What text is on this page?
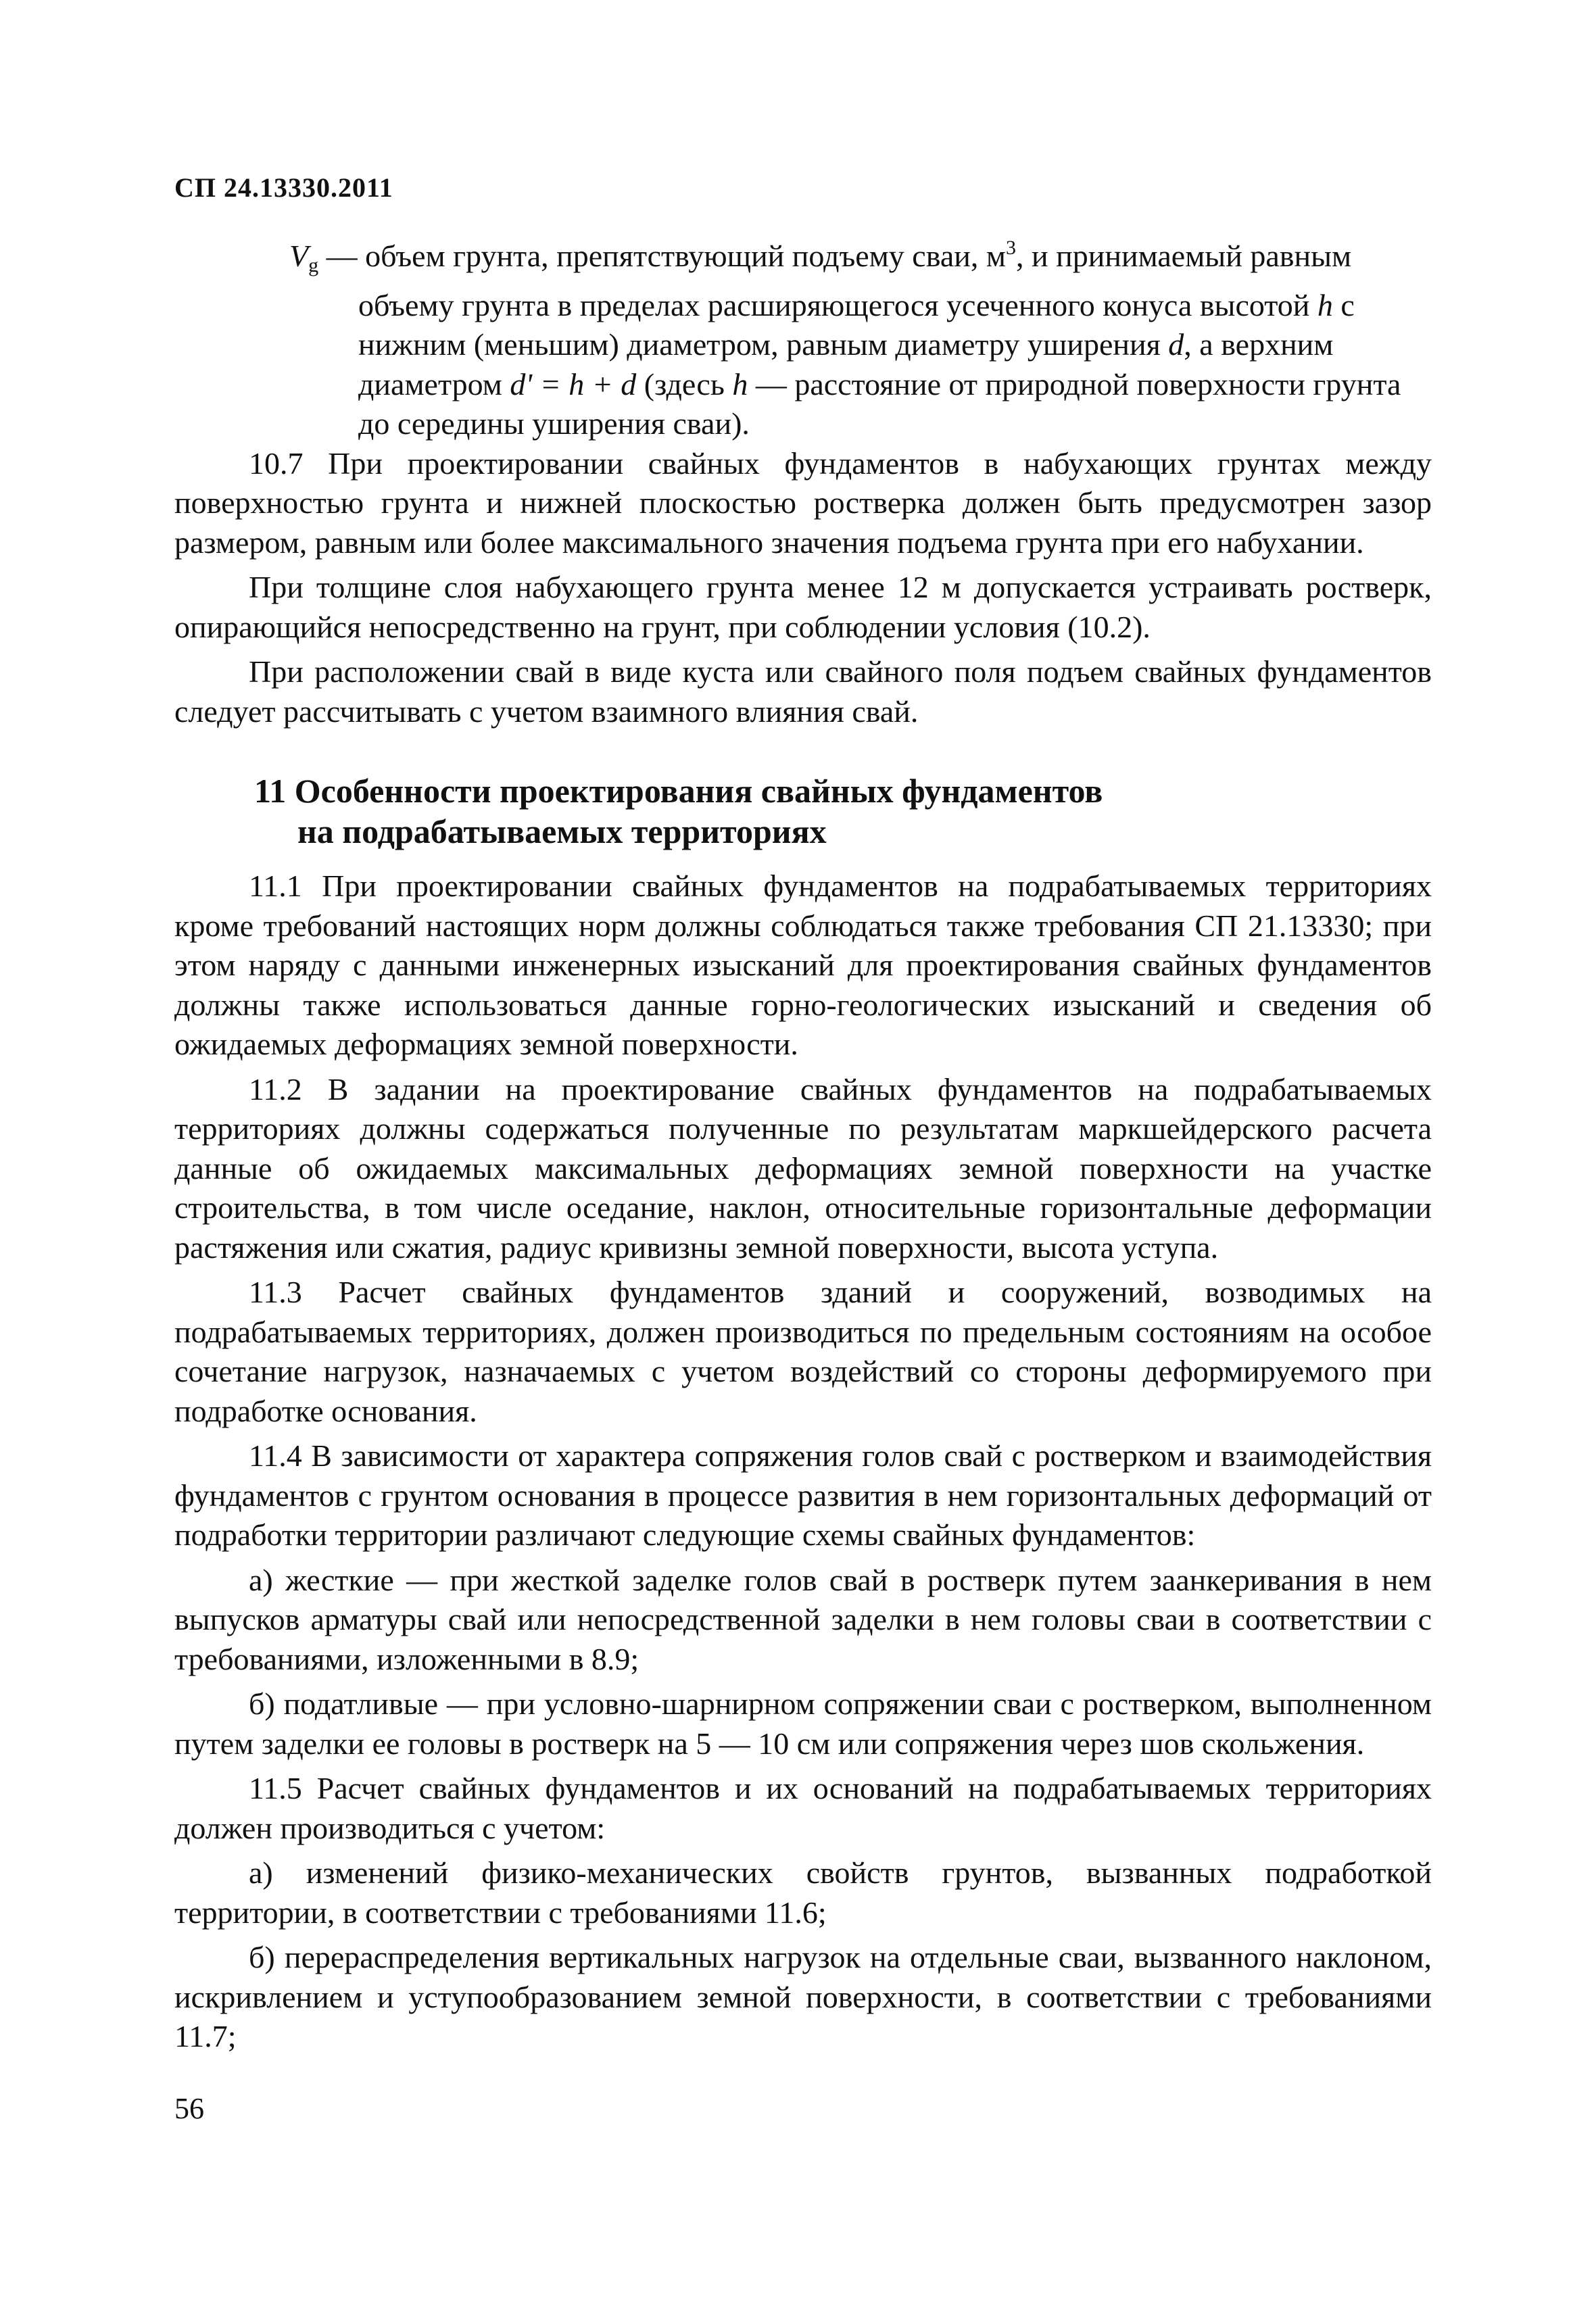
СП 24.13330.2011

$V_g$ — объем грунта, препятствующий подъему сваи, $м^3$, и принимаемый равным объему грунта в пределах расширяющегося усеченного конуса высотой h с нижним (меньшим) диаметром, равным диаметру уширения d, а верхним диаметром d' = h + d (здесь h — расстояние от природной поверхности грунта до середины уширения сваи).

10.7 При проектировании свайных фундаментов в набухающих грунтах между поверхностью грунта и нижней плоскостью ростверка должен быть предусмотрен зазор размером, равным или более максимального значения подъема грунта при его набухании.

При толщине слоя набухающего грунта менее 12 м допускается устраивать ростверк, опирающийся непосредственно на грунт, при соблюдении условия (10.2).

При расположении свай в виде куста или свайного поля подъем свайных фундаментов следует рассчитывать с учетом взаимного влияния свай.

11 Особенности проектирования свайных фундаментов
на подрабатываемых территориях

11.1 При проектировании свайных фундаментов на подрабатываемых территориях кроме требований настоящих норм должны соблюдаться также требования СП 21.13330; при этом наряду с данными инженерных изысканий для проектирования свайных фундаментов должны также использоваться данные горно-геологических изысканий и сведения об ожидаемых деформациях земной поверхности.

11.2 В задании на проектирование свайных фундаментов на подрабатываемых территориях должны содержаться полученные по результатам маркшейдерского расчета данные об ожидаемых максимальных деформациях земной поверхности на участке строительства, в том числе оседание, наклон, относительные горизонтальные деформации растяжения или сжатия, радиус кривизны земной поверхности, высота уступа.

11.3 Расчет свайных фундаментов зданий и сооружений, возводимых на подрабатываемых территориях, должен производиться по предельным состояниям на особое сочетание нагрузок, назначаемых с учетом воздействий со стороны деформируемого при подработке основания.

11.4 В зависимости от характера сопряжения голов свай с ростверком и взаимодействия фундаментов с грунтом основания в процессе развития в нем горизонтальных деформаций от подработки территории различают следующие схемы свайных фундаментов:

а) жесткие — при жесткой заделке голов свай в ростверк путем заанкеривания в нем выпусков арматуры свай или непосредственной заделки в нем головы сваи в соответствии с требованиями, изложенными в 8.9;

б) податливые — при условно-шарнирном сопряжении сваи с ростверком, выполненном путем заделки ее головы в ростверк на 5 — 10 см или сопряжения через шов скольжения.

11.5 Расчет свайных фундаментов и их оснований на подрабатываемых территориях должен производиться с учетом:

а) изменений физико-механических свойств грунтов, вызванных подработкой территории, в соответствии с требованиями 11.6;

б) перераспределения вертикальных нагрузок на отдельные сваи, вызванного наклоном, искривлением и уступообразованием земной поверхности, в соответствии с требованиями 11.7;

56
